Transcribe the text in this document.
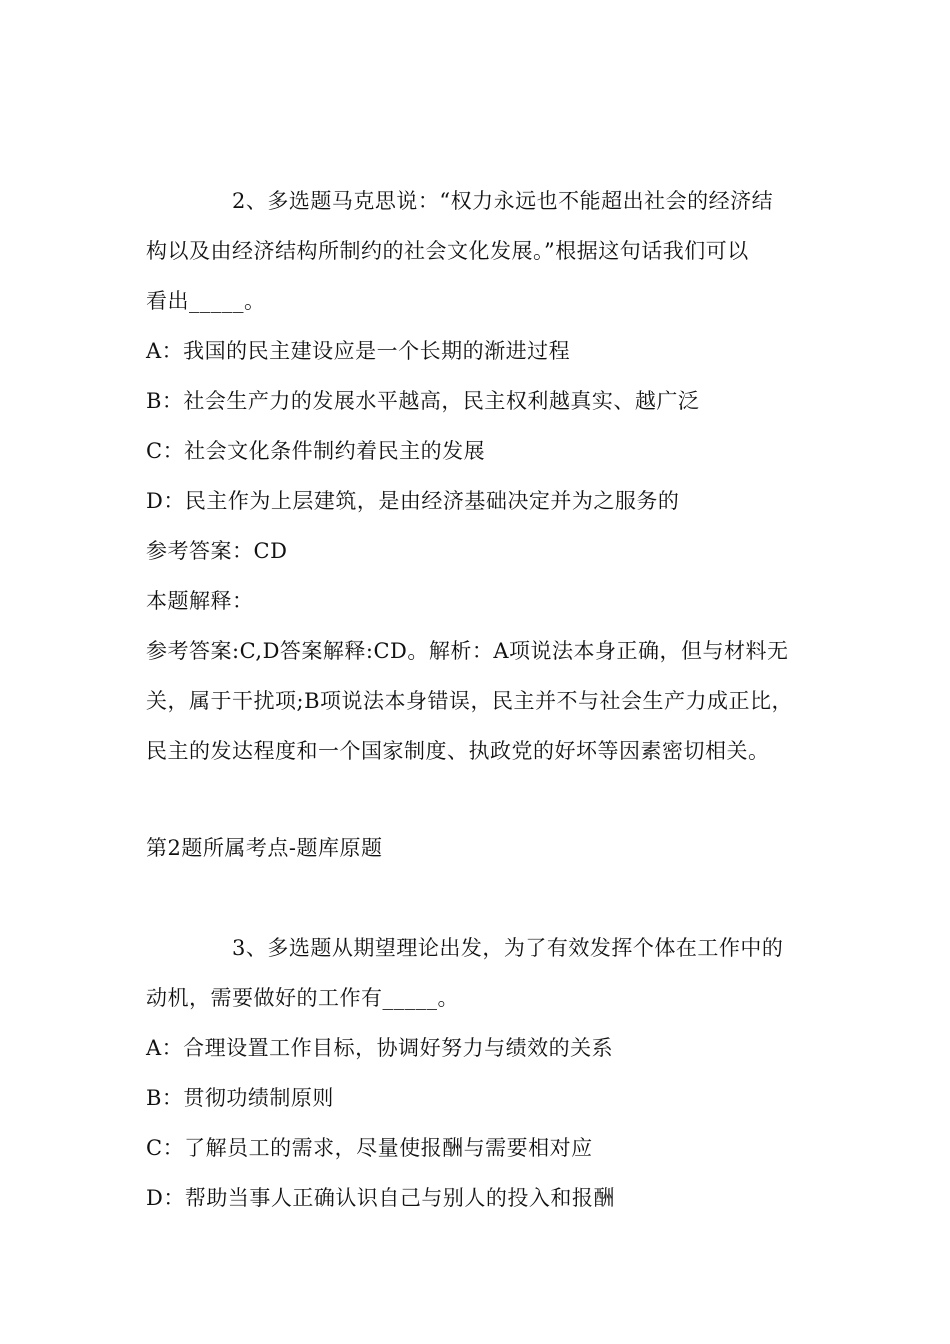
2、多选题马克思说：“权力永远也不能超出社会的经济结
构以及由经济结构所制约的社会文化发展。”根据这句话我们可以
看出_____。
A：我国的民主建设应是一个长期的渐进过程
B：社会生产力的发展水平越高，民主权利越真实、越广泛
C：社会文化条件制约着民主的发展
D：民主作为上层建筑，是由经济基础决定并为之服务的
参考答案：CD
本题解释：
参考答案:C,D答案解释:CD。解析：A项说法本身正确，但与材料无
关，属于干扰项;B项说法本身错误，民主并不与社会生产力成正比，
民主的发达程度和一个国家制度、执政党的好坏等因素密切相关。
第2题所属考点-题库原题
3、多选题从期望理论出发，为了有效发挥个体在工作中的
动机，需要做好的工作有_____。
A：合理设置工作目标，协调好努力与绩效的关系
B：贯彻功绩制原则
C：了解员工的需求，尽量使报酬与需要相对应
D：帮助当事人正确认识自己与别人的投入和报酬
